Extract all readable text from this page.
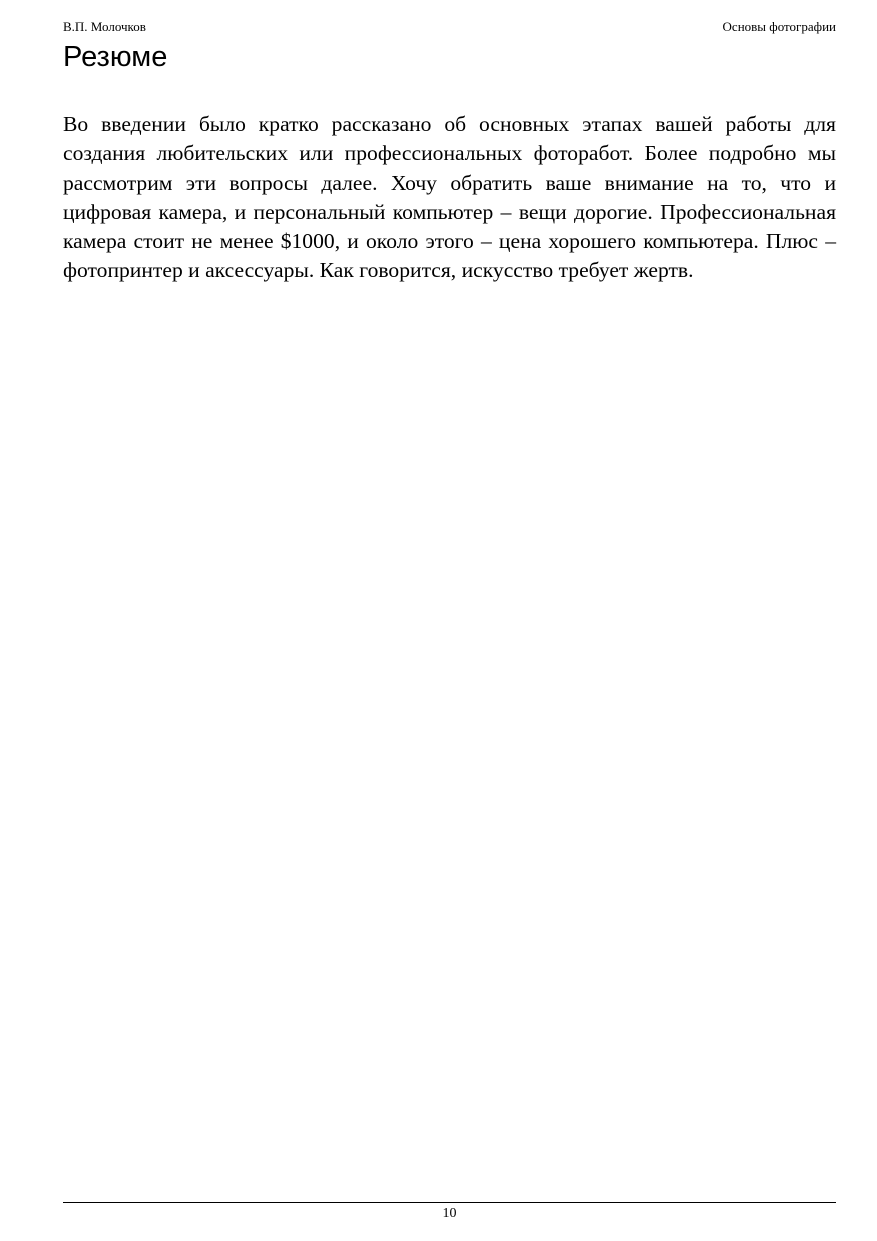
В.П. Молочков	Основы фотографии
Резюме

Во введении было кратко рассказано об основных этапах вашей работы для создания любительских или профессиональных фоторабот. Более подробно мы рассмотрим эти вопросы далее. Хочу обратить ваше внимание на то, что и цифровая камера, и персональный компьютер – вещи дорогие. Профессиональная камера стоит не менее $1000, и около этого – цена хорошего компьютера. Плюс – фотопринтер и аксессуары. Как говорится, искусство требует жертв.

10
